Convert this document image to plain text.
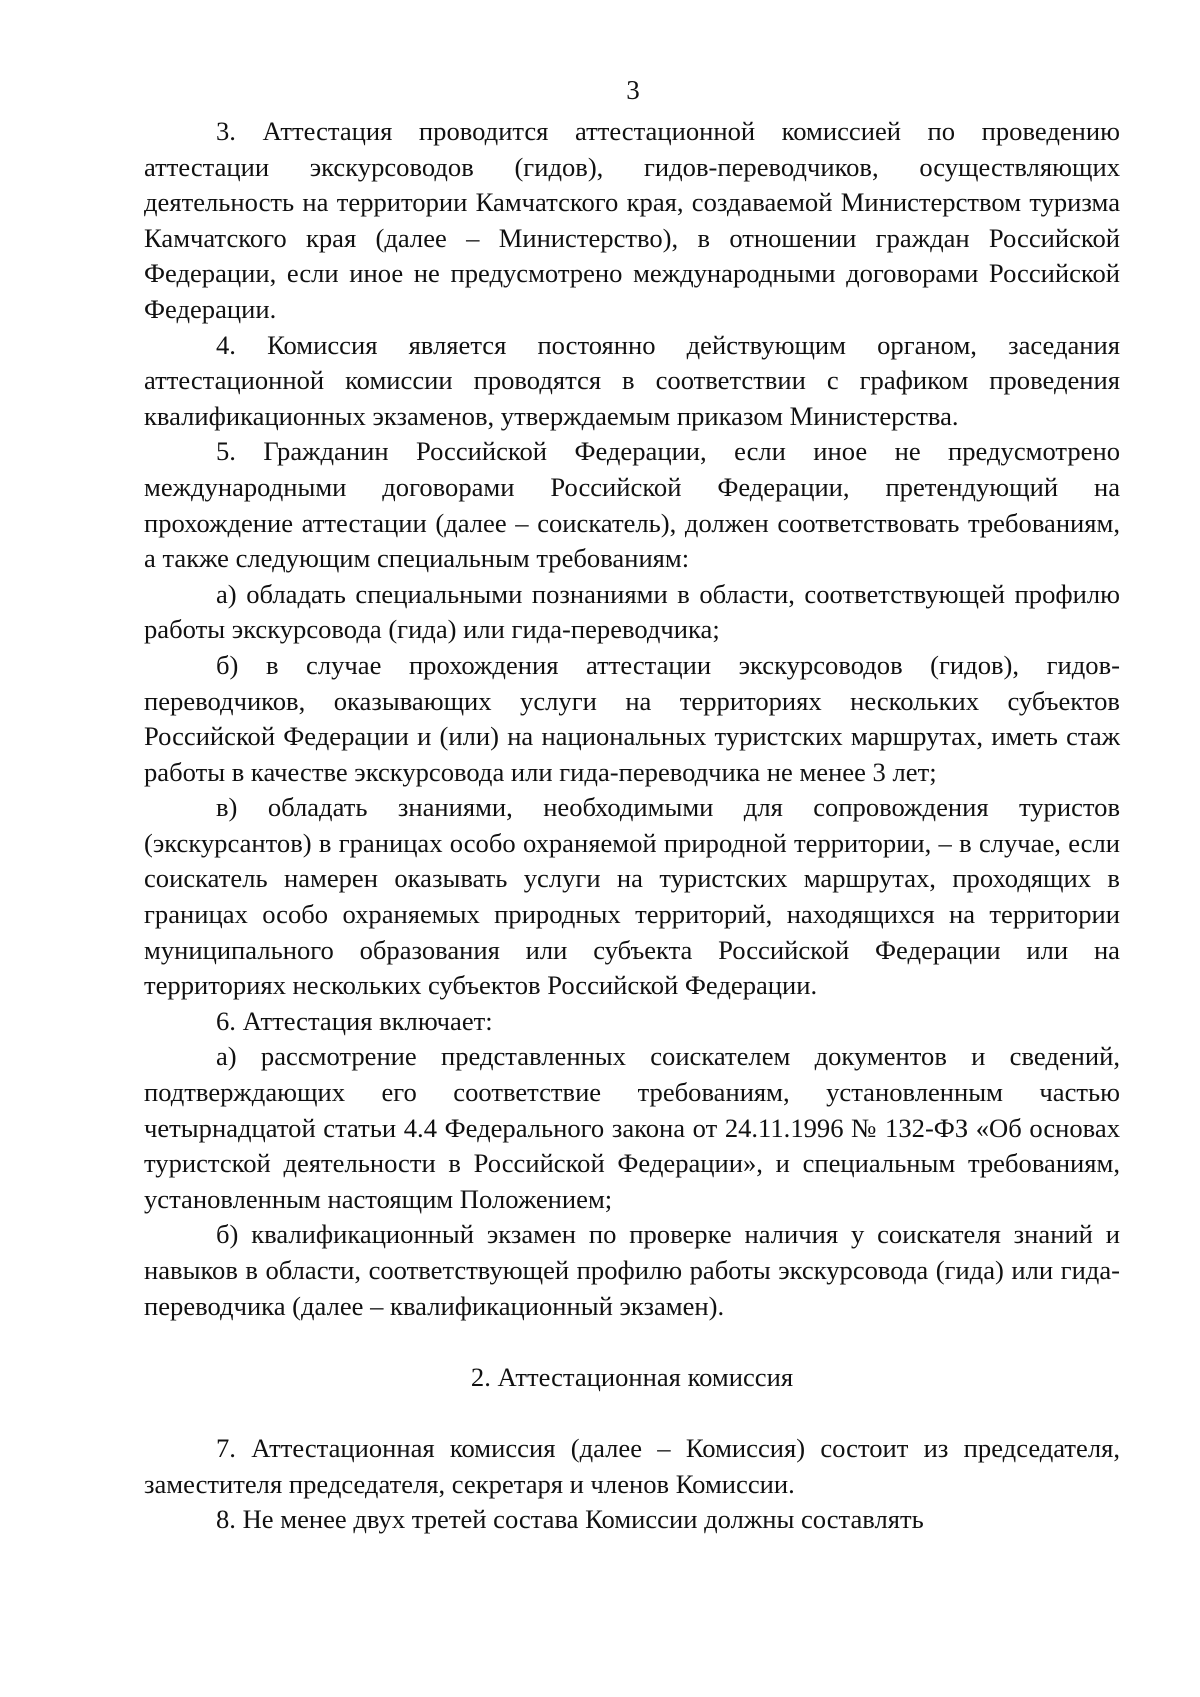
3

3. Аттестация проводится аттестационной комиссией по проведению аттестации экскурсоводов (гидов), гидов-переводчиков, осуществляющих деятельность на территории Камчатского края, создаваемой Министерством туризма Камчатского края (далее – Министерство), в отношении граждан Российской Федерации, если иное не предусмотрено международными договорами Российской Федерации.

4. Комиссия является постоянно действующим органом, заседания аттестационной комиссии проводятся в соответствии с графиком проведения квалификационных экзаменов, утверждаемым приказом Министерства.

5. Гражданин Российской Федерации, если иное не предусмотрено международными договорами Российской Федерации, претендующий на прохождение аттестации (далее – соискатель), должен соответствовать требованиям, а также следующим специальным требованиям:

а) обладать специальными познаниями в области, соответствующей профилю работы экскурсовода (гида) или гида-переводчика;

б) в случае прохождения аттестации экскурсоводов (гидов), гидов-переводчиков, оказывающих услуги на территориях нескольких субъектов Российской Федерации и (или) на национальных туристских маршрутах, иметь стаж работы в качестве экскурсовода или гида-переводчика не менее 3 лет;

в) обладать знаниями, необходимыми для сопровождения туристов (экскурсантов) в границах особо охраняемой природной территории, – в случае, если соискатель намерен оказывать услуги на туристских маршрутах, проходящих в границах особо охраняемых природных территорий, находящихся на территории муниципального образования или субъекта Российской Федерации или на территориях нескольких субъектов Российской Федерации.

6. Аттестация включает:

а) рассмотрение представленных соискателем документов и сведений, подтверждающих его соответствие требованиям, установленным частью четырнадцатой статьи 4.4 Федерального закона от 24.11.1996 № 132-ФЗ «Об основах туристской деятельности в Российской Федерации», и специальным требованиям, установленным настоящим Положением;

б) квалификационный экзамен по проверке наличия у соискателя знаний и навыков в области, соответствующей профилю работы экскурсовода (гида) или гида-переводчика (далее – квалификационный экзамен).

2. Аттестационная комиссия

7. Аттестационная комиссия (далее – Комиссия) состоит из председателя, заместителя председателя, секретаря и членов Комиссии.

8. Не менее двух третей состава Комиссии должны составлять
